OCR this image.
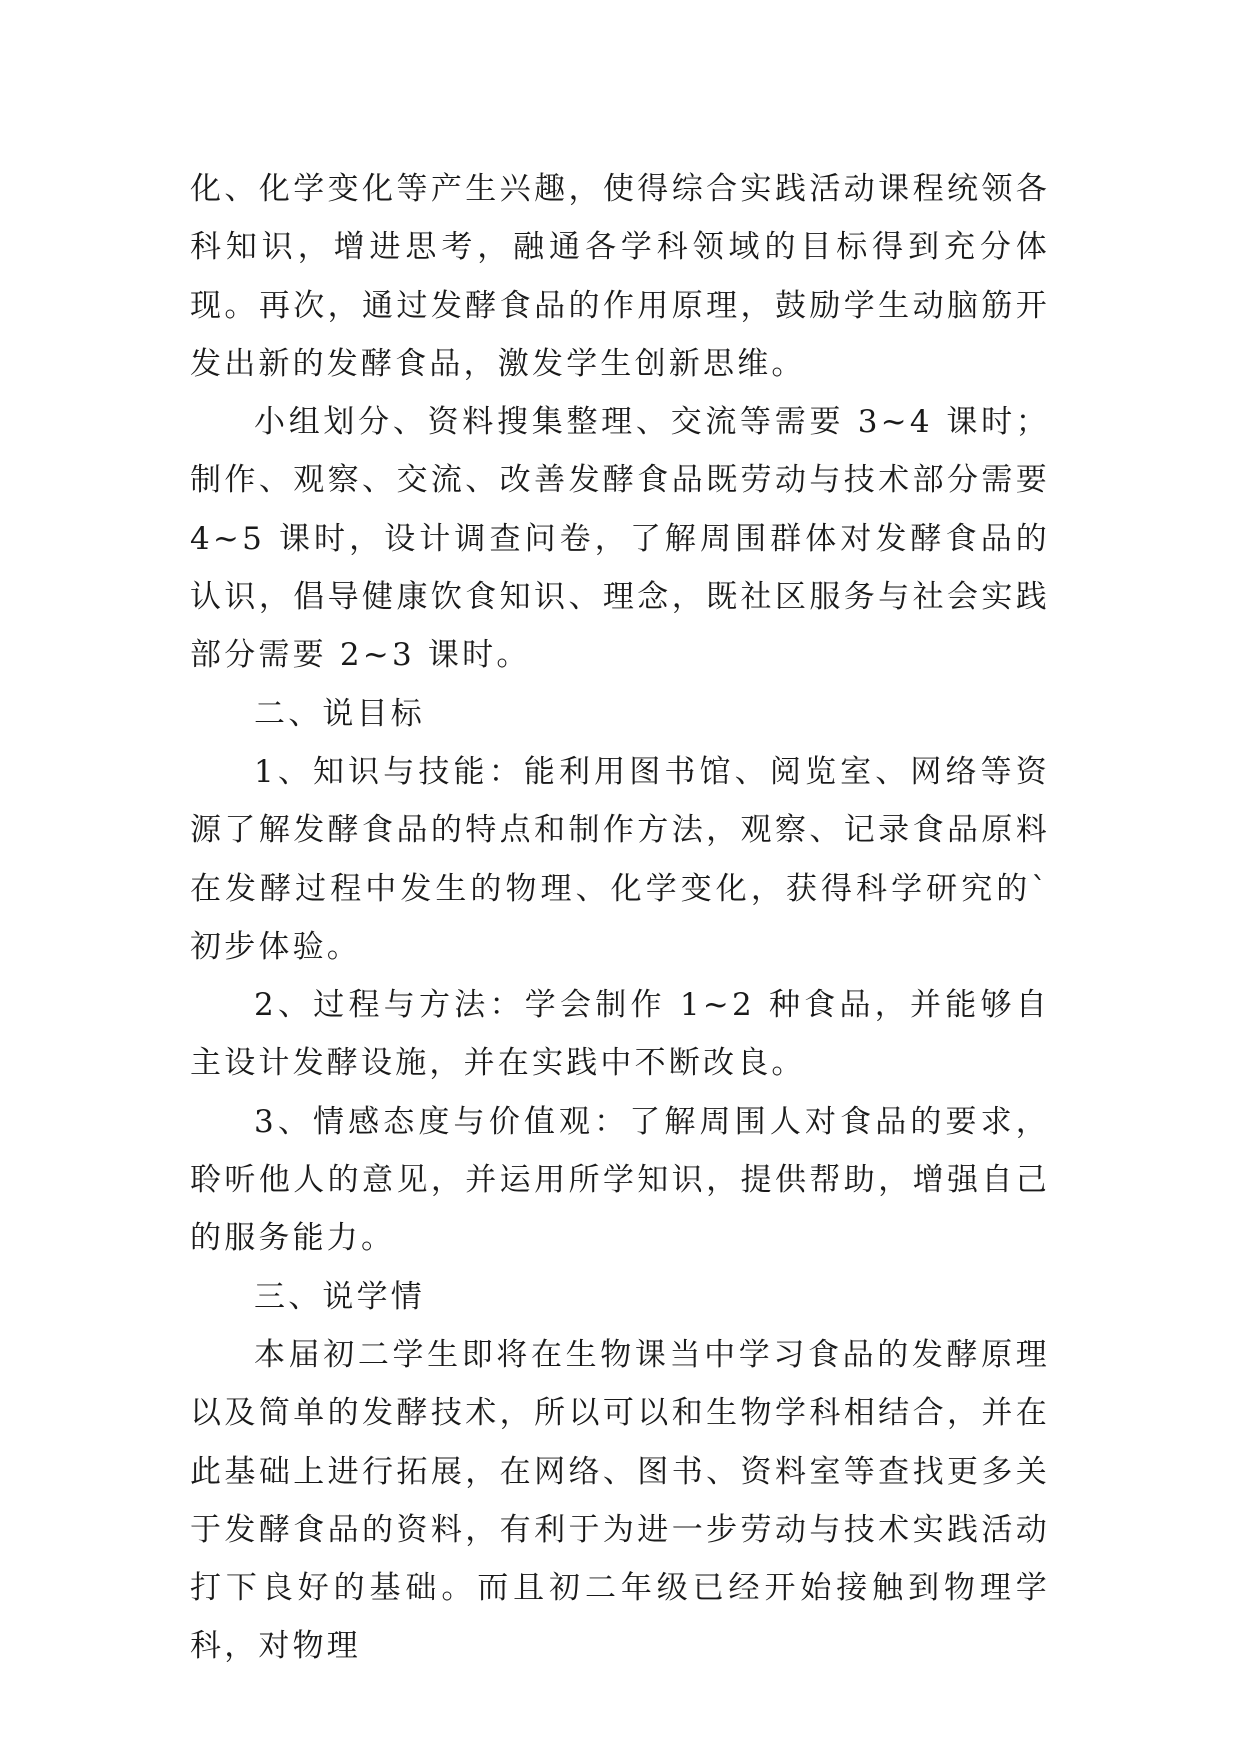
化、化学变化等产生兴趣，使得综合实践活动课程统领各科知识，增进思考，融通各学科领域的目标得到充分体现。再次，通过发酵食品的作用原理，鼓励学生动脑筋开发出新的发酵食品，激发学生创新思维。

小组划分、资料搜集整理、交流等需要 3~4 课时；制作、观察、交流、改善发酵食品既劳动与技术部分需要 4~5 课时，设计调查问卷，了解周围群体对发酵食品的认识，倡导健康饮食知识、理念，既社区服务与社会实践部分需要 2~3 课时。

二、说目标

1、知识与技能：能利用图书馆、阅览室、网络等资源了解发酵食品的特点和制作方法，观察、记录食品原料在发酵过程中发生的物理、化学变化，获得科学研究的`初步体验。

2、过程与方法：学会制作 1~2 种食品，并能够自主设计发酵设施，并在实践中不断改良。

3、情感态度与价值观：了解周围人对食品的要求，聆听他人的意见，并运用所学知识，提供帮助，增强自己的服务能力。

三、说学情

本届初二学生即将在生物课当中学习食品的发酵原理以及简单的发酵技术，所以可以和生物学科相结合，并在此基础上进行拓展，在网络、图书、资料室等查找更多关于发酵食品的资料，有利于为进一步劳动与技术实践活动打下良好的基础。而且初二年级已经开始接触到物理学科，对物理
